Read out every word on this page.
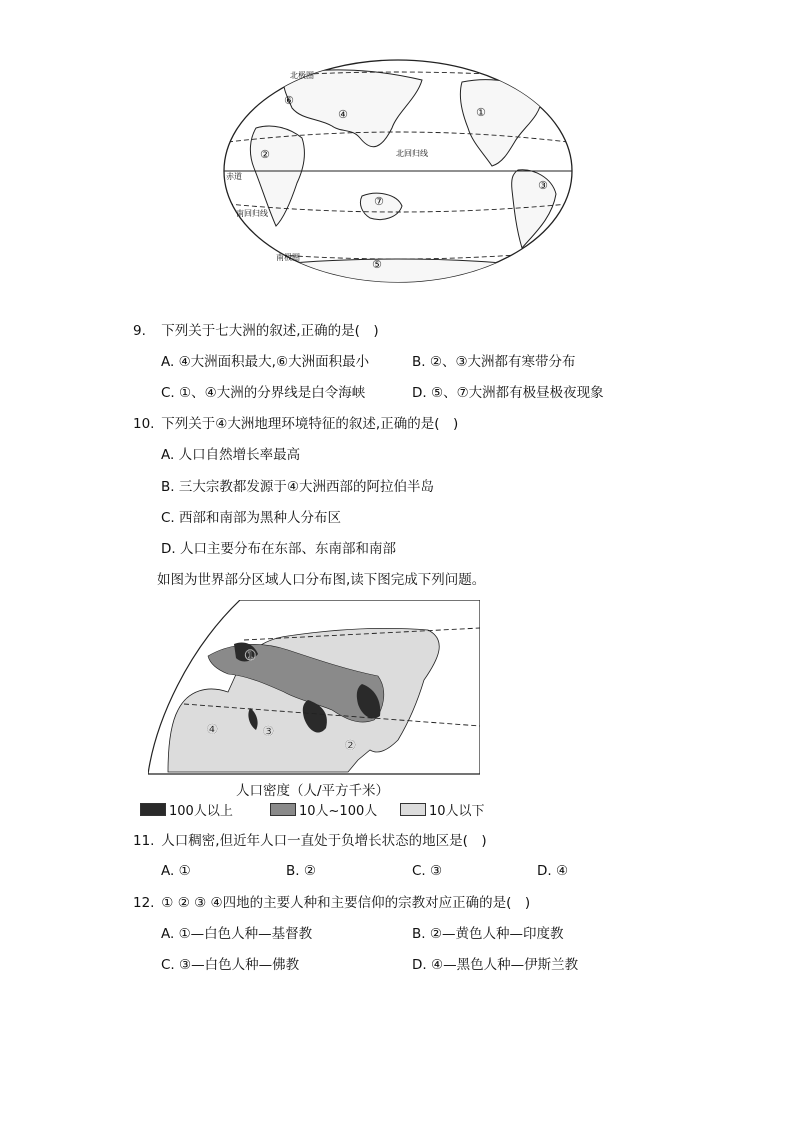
北极圈
赤道
北回归线
南回归线
南极圈
①
②
③
④
⑤
⑥
⑦
9. 下列关于七大洲的叙述,正确的是(　)
A. ④大洲面积最大,⑥大洲面积最小	B. ②、③大洲都有寒带分布
C. ①、④大洲的分界线是白令海峡	D. ⑤、⑦大洲都有极昼极夜现象
10. 下列关于④大洲地理环境特征的叙述,正确的是(　)
A. 人口自然增长率最高
B. 三大宗教都发源于④大洲西部的阿拉伯半岛
C. 西部和南部为黑种人分布区
D. 人口主要分布在东部、东南部和南部
如图为世界部分区域人口分布图,读下图完成下列问题。
①
②
③
④
人口密度（人/平方千米）
100人以上	10人~100人	10人以下
11. 人口稠密,但近年人口一直处于负增长状态的地区是(　)
A. ①	B. ②	C. ③	D. ④
12. ① ② ③ ④四地的主要人种和主要信仰的宗教对应正确的是(　)
A. ①—白色人种—基督教	B. ②—黄色人种—印度教
C. ③—白色人种—佛教	D. ④—黑色人种—伊斯兰教
